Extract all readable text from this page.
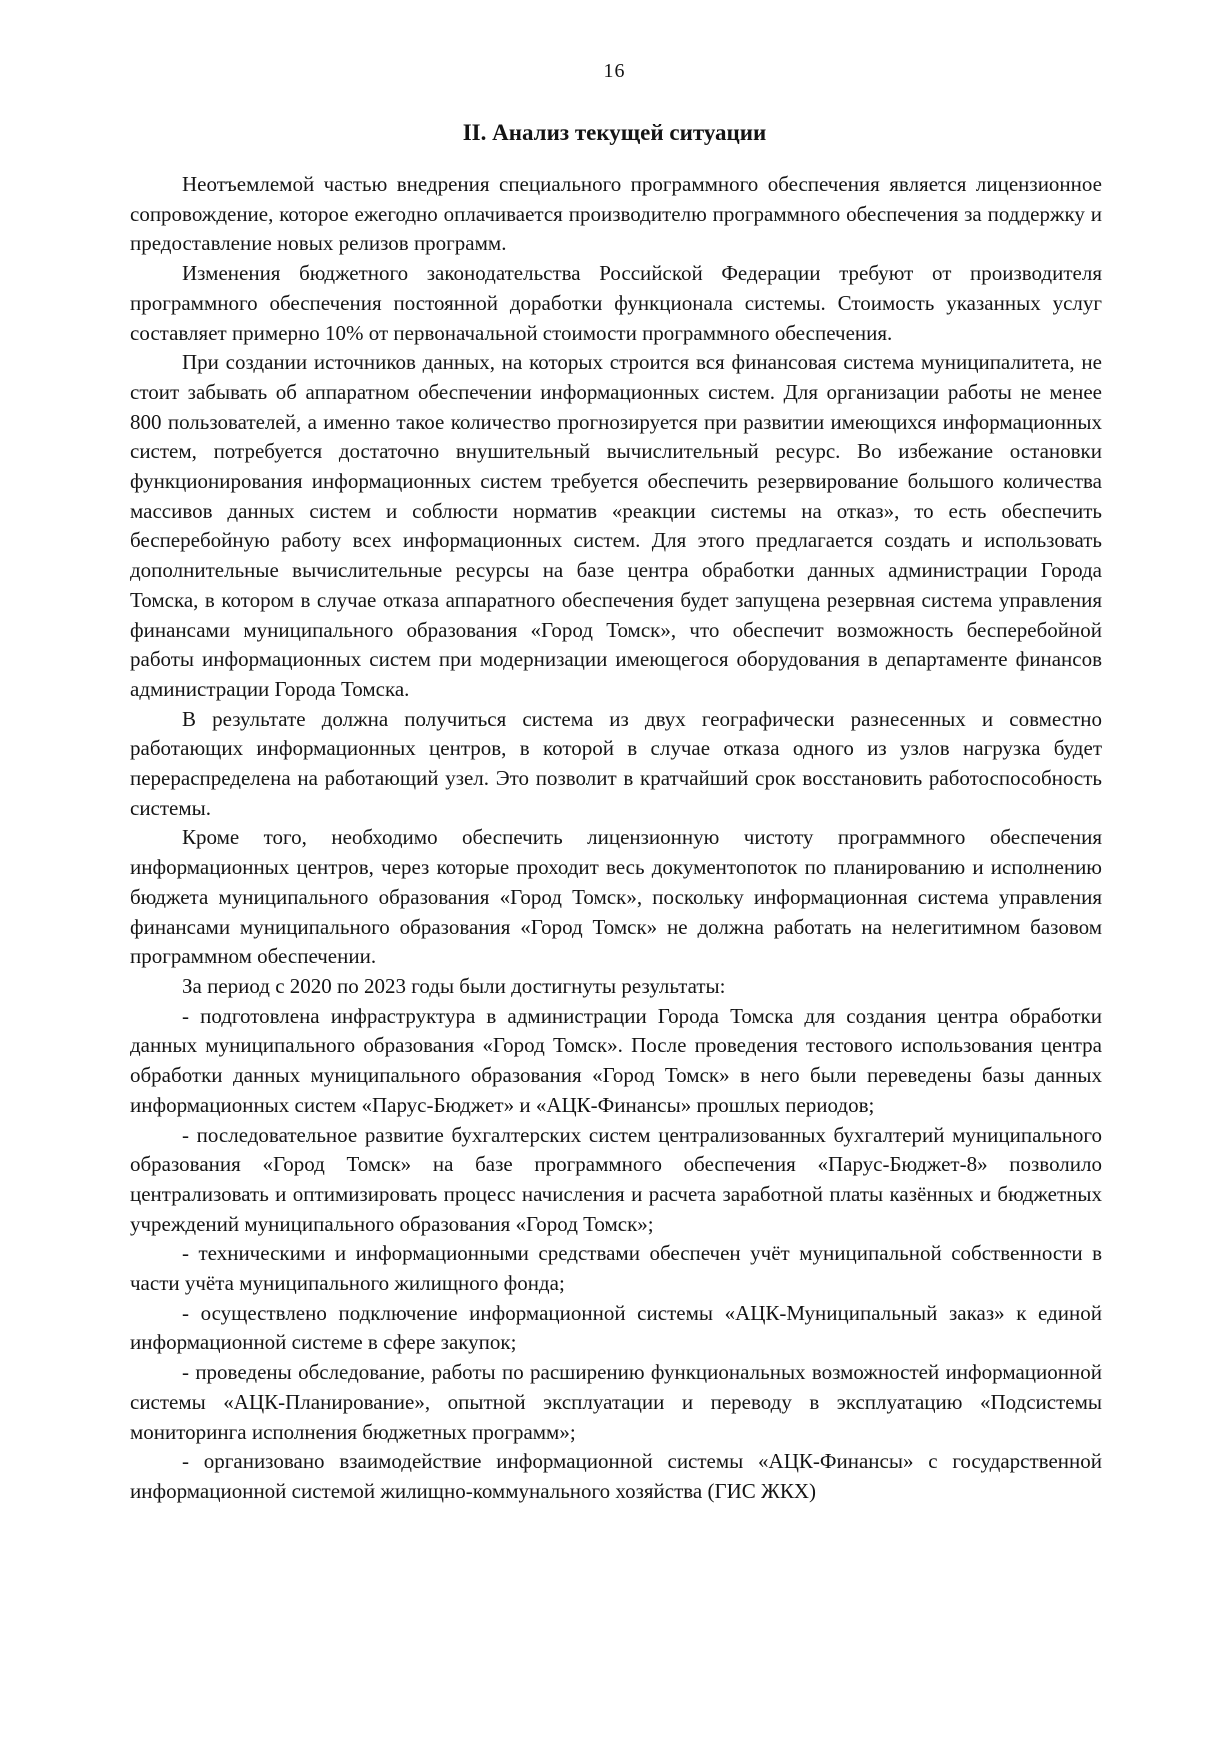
16
II. Анализ текущей ситуации

Неотъемлемой частью внедрения специального программного обеспечения является лицензионное сопровождение, которое ежегодно оплачивается производителю программного обеспечения за поддержку и предоставление новых релизов программ.

Изменения бюджетного законодательства Российской Федерации требуют от производителя программного обеспечения постоянной доработки функционала системы. Стоимость указанных услуг составляет примерно 10% от первоначальной стоимости программного обеспечения.

При создании источников данных, на которых строится вся финансовая система муниципалитета, не стоит забывать об аппаратном обеспечении информационных систем. Для организации работы не менее 800 пользователей, а именно такое количество прогнозируется при развитии имеющихся информационных систем, потребуется достаточно внушительный вычислительный ресурс. Во избежание остановки функционирования информационных систем требуется обеспечить резервирование большого количества массивов данных систем и соблюсти норматив «реакции системы на отказ», то есть обеспечить бесперебойную работу всех информационных систем. Для этого предлагается создать и использовать дополнительные вычислительные ресурсы на базе центра обработки данных администрации Города Томска, в котором в случае отказа аппаратного обеспечения будет запущена резервная система управления финансами муниципального образования «Город Томск», что обеспечит возможность бесперебойной работы информационных систем при модернизации имеющегося оборудования в департаменте финансов администрации Города Томска.

В результате должна получиться система из двух географически разнесенных и совместно работающих информационных центров, в которой в случае отказа одного из узлов нагрузка будет перераспределена на работающий узел. Это позволит в кратчайший срок восстановить работоспособность системы.

Кроме того, необходимо обеспечить лицензионную чистоту программного обеспечения информационных центров, через которые проходит весь документопоток по планированию и исполнению бюджета муниципального образования «Город Томск», поскольку информационная система управления финансами муниципального образования «Город Томск» не должна работать на нелегитимном базовом программном обеспечении.

За период с 2020 по 2023 годы были достигнуты результаты:

- подготовлена инфраструктура в администрации Города Томска для создания центра обработки данных муниципального образования «Город Томск». После проведения тестового использования центра обработки данных муниципального образования «Город Томск» в него были переведены базы данных информационных систем «Парус-Бюджет» и «АЦК-Финансы» прошлых периодов;

- последовательное развитие бухгалтерских систем централизованных бухгалтерий муниципального образования «Город Томск» на базе программного обеспечения «Парус-Бюджет-8» позволило централизовать и оптимизировать процесс начисления и расчета заработной платы казённых и бюджетных учреждений муниципального образования «Город Томск»;

- техническими и информационными средствами обеспечен учёт муниципальной собственности в части учёта муниципального жилищного фонда;

- осуществлено подключение информационной системы «АЦК-Муниципальный заказ» к единой информационной системе в сфере закупок;

- проведены обследование, работы по расширению функциональных возможностей информационной системы «АЦК-Планирование», опытной эксплуатации и переводу в эксплуатацию «Подсистемы мониторинга исполнения бюджетных программ»;

- организовано взаимодействие информационной системы «АЦК-Финансы» с государственной информационной системой жилищно-коммунального хозяйства (ГИС ЖКХ)
